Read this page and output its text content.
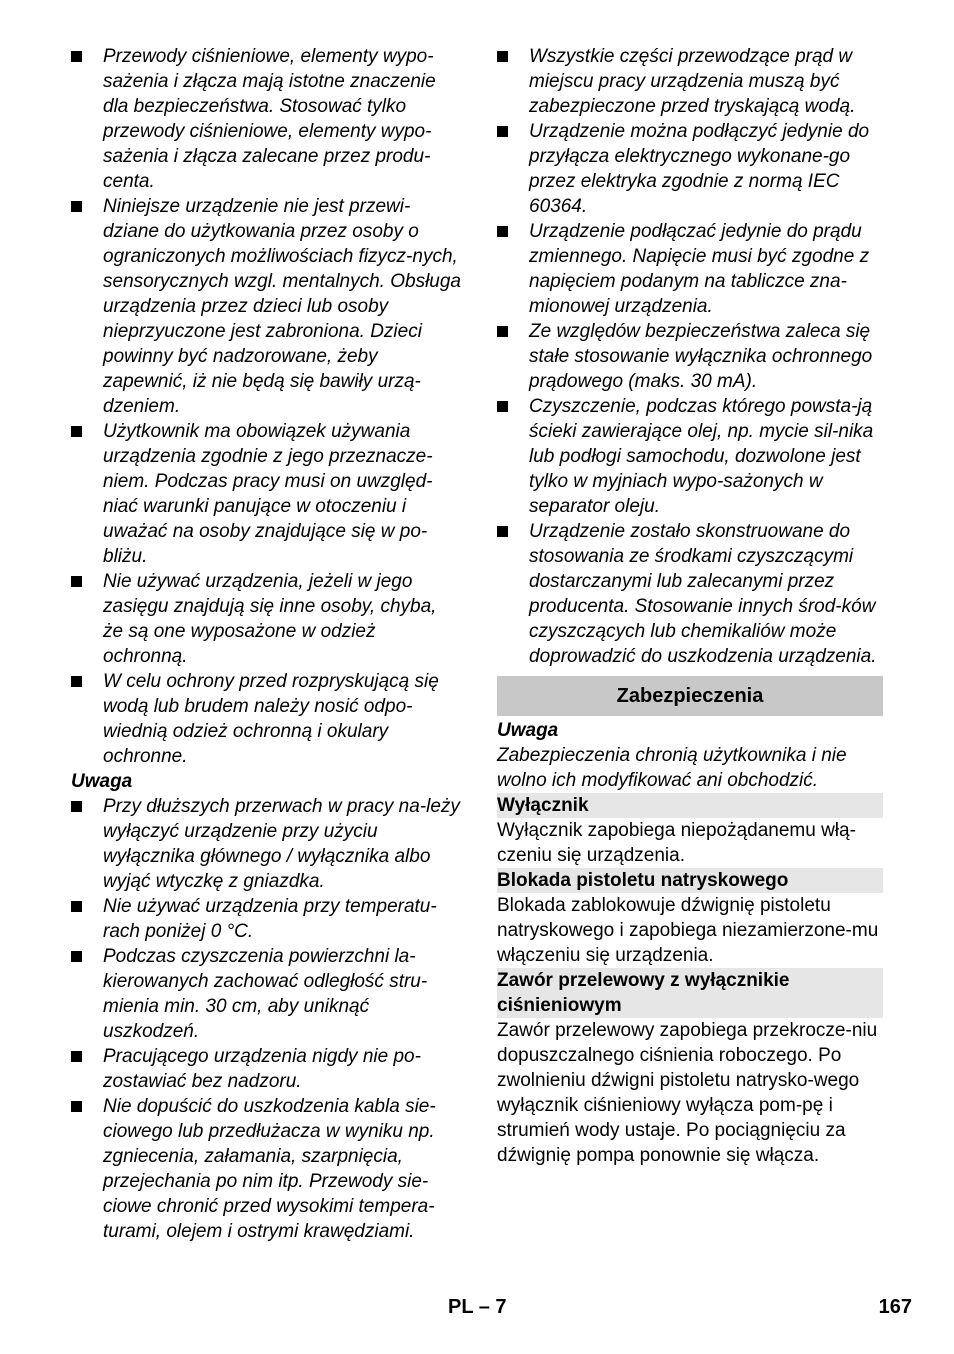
Przewody ciśnieniowe, elementy wypo-sażenia i złącza mają istotne znaczenie dla bezpieczeństwa. Stosować tylko przewody ciśnieniowe, elementy wypo-sażenia i złącza zalecane przez produ-centa.
Niniejsze urządzenie nie jest przewi-dziane do użytkowania przez osoby o ograniczonych możliwościach fizycz-nych, sensorycznych wzgl. mentalnych. Obsługa urządzenia przez dzieci lub osoby nieprzyuczone jest zabroniona. Dzieci powinny być nadzorowane, żeby zapewnić, iż nie będą się bawiły urzą-dzeniem.
Użytkownik ma obowiązek używania urządzenia zgodnie z jego przeznacze-niem. Podczas pracy musi on uwzględ-niać warunki panujące w otoczeniu i uważać na osoby znajdujące się w po-bliżu.
Nie używać urządzenia, jeżeli w jego zasięgu znajdują się inne osoby, chyba, że są one wyposażone w odzież ochronną.
W celu ochrony przed rozpryskującą się wodą lub brudem należy nosić odpo-wiednią odzież ochronną i okulary ochronne.
Uwaga
Przy dłuższych przerwach w pracy na-leży wyłączyć urządzenie przy użyciu wyłącznika głównego / wyłącznika albo wyjąć wtyczkę z gniazdka.
Nie używać urządzenia przy temperatu-rach poniżej 0 °C.
Podczas czyszczenia powierzchni la-kierowanych zachować odległość stru-mienia min. 30 cm, aby uniknąć uszkodzeń.
Pracującego urządzenia nigdy nie po-zostawiać bez nadzoru.
Nie dopuścić do uszkodzenia kabla sie-ciowego lub przedłużacza w wyniku np. zgniecenia, załamania, szarpnięcia, przejechania po nim itp. Przewody sie-ciowe chronić przed wysokimi tempera-turami, olejem i ostrymi krawędziami.
Wszystkie części przewodzące prąd w miejscu pracy urządzenia muszą być zabezpieczone przed tryskającą wodą.
Urządzenie można podłączyć jedynie do przyłącza elektrycznego wykonane-go przez elektryka zgodnie z normą IEC 60364.
Urządzenie podłączać jedynie do prądu zmiennego. Napięcie musi być zgodne z napięciem podanym na tabliczce zna-mionowej urządzenia.
Ze względów bezpieczeństwa zaleca się stałe stosowanie wyłącznika ochronnego prądowego (maks. 30 mA).
Czyszczenie, podczas którego powsta-ją ścieki zawierające olej, np. mycie sil-nika lub podłogi samochodu, dozwolone jest tylko w myjniach wypo-sażonych w separator oleju.
Urządzenie zostało skonstruowane do stosowania ze środkami czyszczącymi dostarczanymi lub zalecanymi przez producenta. Stosowanie innych środ-ków czyszczących lub chemikaliów może doprowadzić do uszkodzenia urządzenia.
Zabezpieczenia
Uwaga
Zabezpieczenia chronią użytkownika i nie wolno ich modyfikować ani obchodzić.
Wyłącznik
Wyłącznik zapobiega niepożądanemu włą-czeniu się urządzenia.
Blokada pistoletu natryskowego
Blokada zablokowuje dźwignię pistoletu natryskowego i zapobiega niezamierzone-mu włączeniu się urządzenia.
Zawór przelewowy z wyłącznikie ciśnieniowym
Zawór przelewowy zapobiega przekrocze-niu dopuszczalnego ciśnienia roboczego. Po zwolnieniu dźwigni pistoletu natrysko-wego wyłącznik ciśnieniowy wyłącza pom-pę i strumień wody ustaje. Po pociągnięciu za dźwignię pompa ponownie się włącza.
PL – 7	167
